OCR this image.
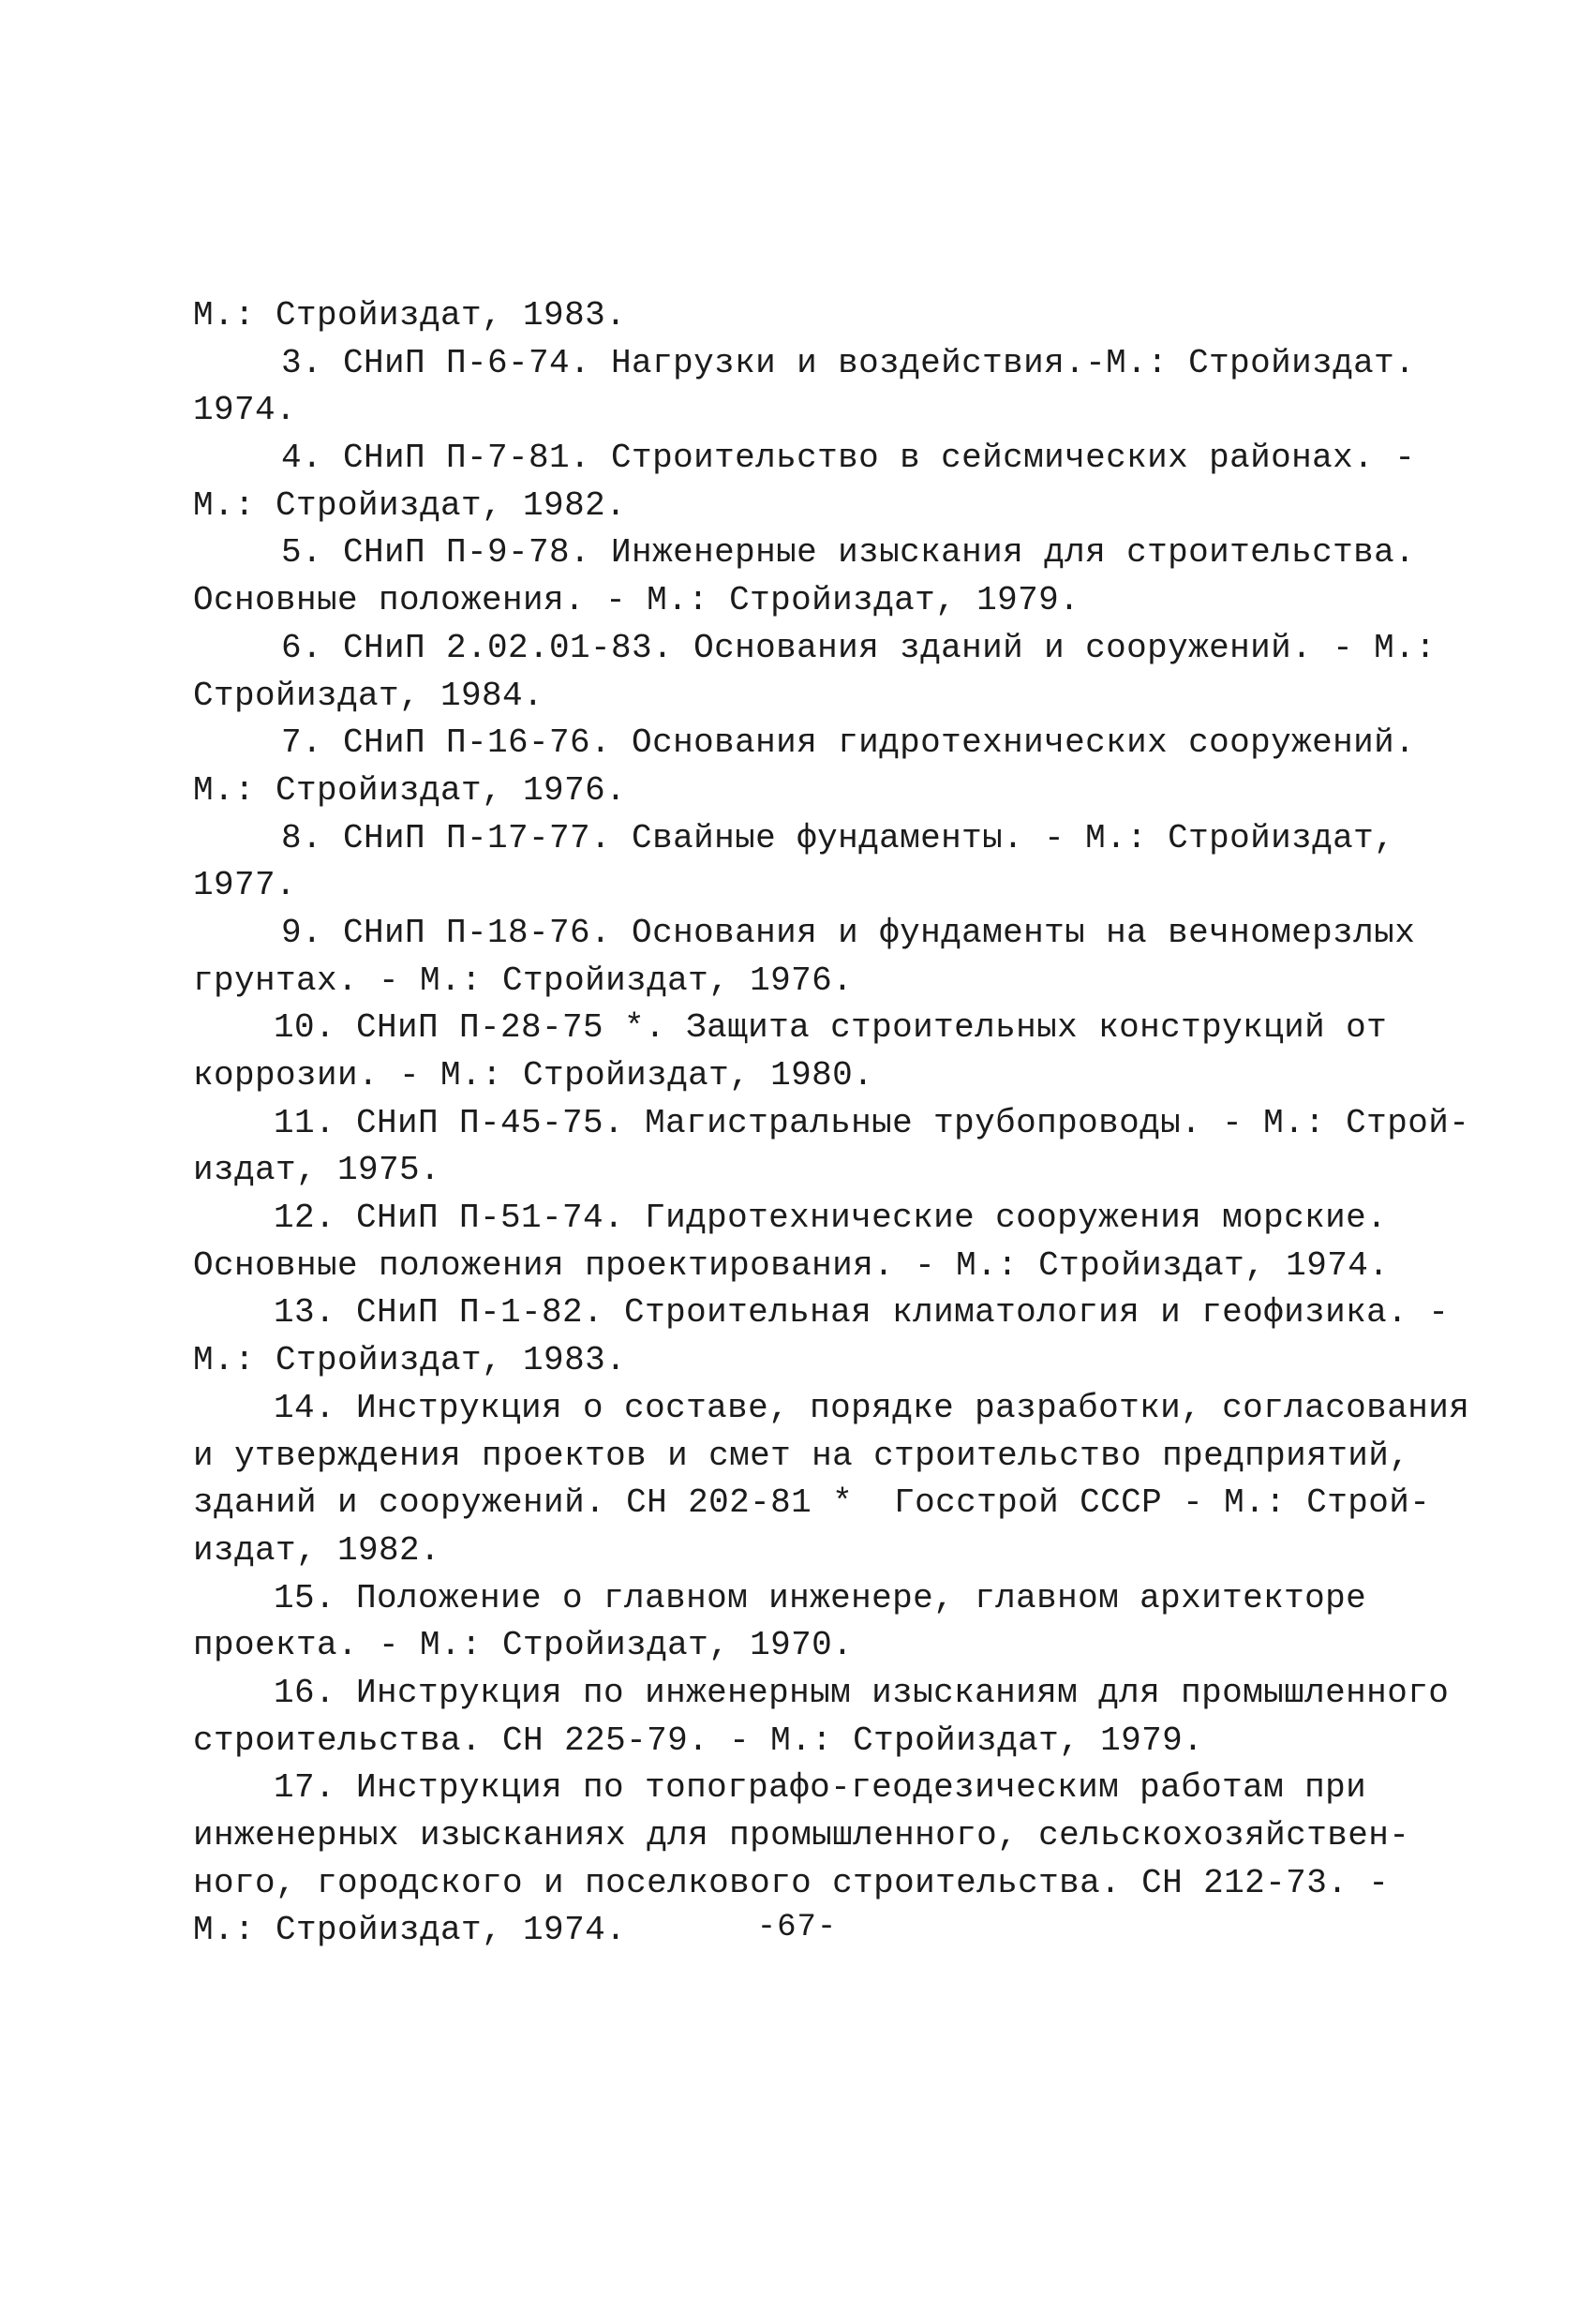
М.: Стройиздат, 1983.
3. СНиП П-6-74. Нагрузки и воздействия.-М.: Стройиздат.
1974.
4. СНиП П-7-81. Строительство в сейсмических районах. -
М.: Стройиздат, 1982.
5. СНиП П-9-78. Инженерные изыскания для строительства.
Основные положения. - М.: Стройиздат, 1979.
6. СНиП 2.02.01-83. Основания зданий и сооружений. - М.:
Стройиздат, 1984.
7. СНиП П-16-76. Основания гидротехнических сооружений.
М.: Стройиздат, 1976.
8. СНиП П-17-77. Свайные фундаменты. - М.: Стройиздат,
1977.
9. СНиП П-18-76. Основания и фундаменты на вечномерзлых
грунтах. - М.: Стройиздат, 1976.
10. СНиП П-28-75 *. Защита строительных конструкций от
коррозии. - М.: Стройиздат, 1980.
11. СНиП П-45-75. Магистральные трубопроводы. - М.: Строй-
издат, 1975.
12. СНиП П-51-74. Гидротехнические сооружения морские.
Основные положения проектирования. - М.: Стройиздат, 1974.
13. СНиП П-1-82. Строительная климатология и геофизика. -
М.: Стройиздат, 1983.
14. Инструкция о составе, порядке разработки, согласования
и утверждения проектов и смет на строительство предприятий,
зданий и сооружений. СН 202-81 *  Госстрой СССР - М.: Строй-
издат, 1982.
15. Положение о главном инженере, главном архитекторе
проекта. - М.: Стройиздат, 1970.
16. Инструкция по инженерным изысканиям для промышленного
строительства. СН 225-79. - М.: Стройиздат, 1979.
17. Инструкция по топографо-геодезическим работам при
инженерных изысканиях для промышленного, сельскохозяйствен-
ного, городского и поселкового строительства. СН 212-73. -
М.: Стройиздат, 1974.	-67-
